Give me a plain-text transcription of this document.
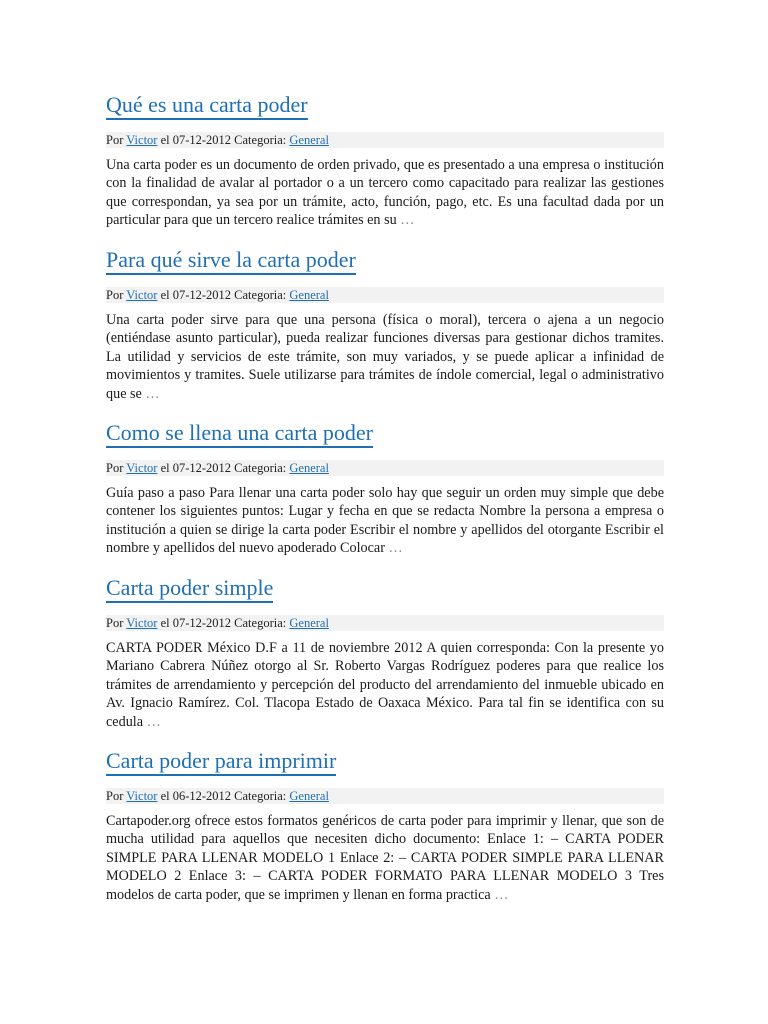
Qué es una carta poder
Por Victor el 07-12-2012 Categoria: General

Una carta poder es un documento de orden privado, que es presentado a una empresa o institución con la finalidad de avalar al portador o a un tercero como capacitado para realizar las gestiones que correspondan, ya sea por un trámite, acto, función, pago, etc. Es una facultad dada por un particular para que un tercero realice trámites en su …

Para qué sirve la carta poder
Por Victor el 07-12-2012 Categoria: General

Una carta poder sirve para que una persona (física o moral), tercera o ajena a un negocio (entiéndase asunto particular), pueda realizar funciones diversas para gestionar dichos tramites. La utilidad y servicios de este trámite, son muy variados, y se puede aplicar a infinidad de movimientos y tramites. Suele utilizarse para trámites de índole comercial, legal o administrativo que se …

Como se llena una carta poder
Por Victor el 07-12-2012 Categoria: General

Guía paso a paso Para llenar una carta poder solo hay que seguir un orden muy simple que debe contener los siguientes puntos: Lugar y fecha en que se redacta Nombre la persona a empresa o institución a quien se dirige la carta poder Escribir el nombre y apellidos del otorgante Escribir el nombre y apellidos del nuevo apoderado Colocar …

Carta poder simple
Por Victor el 07-12-2012 Categoria: General

CARTA PODER México D.F a 11 de noviembre 2012 A quien corresponda: Con la presente yo Mariano Cabrera Núñez otorgo al Sr. Roberto Vargas Rodríguez poderes para que realice los trámites de arrendamiento y percepción del producto del arrendamiento del inmueble ubicado en Av. Ignacio Ramírez. Col. Tlacopa Estado de Oaxaca México. Para tal fin se identifica con su cedula …

Carta poder para imprimir
Por Victor el 06-12-2012 Categoria: General

Cartapoder.org ofrece estos formatos genéricos de carta poder para imprimir y llenar, que son de mucha utilidad para aquellos que necesiten dicho documento: Enlace 1: – CARTA PODER SIMPLE PARA LLENAR MODELO 1 Enlace 2: – CARTA PODER SIMPLE PARA LLENAR MODELO 2 Enlace 3: – CARTA PODER FORMATO PARA LLENAR MODELO 3 Tres modelos de carta poder, que se imprimen y llenan en forma practica …
